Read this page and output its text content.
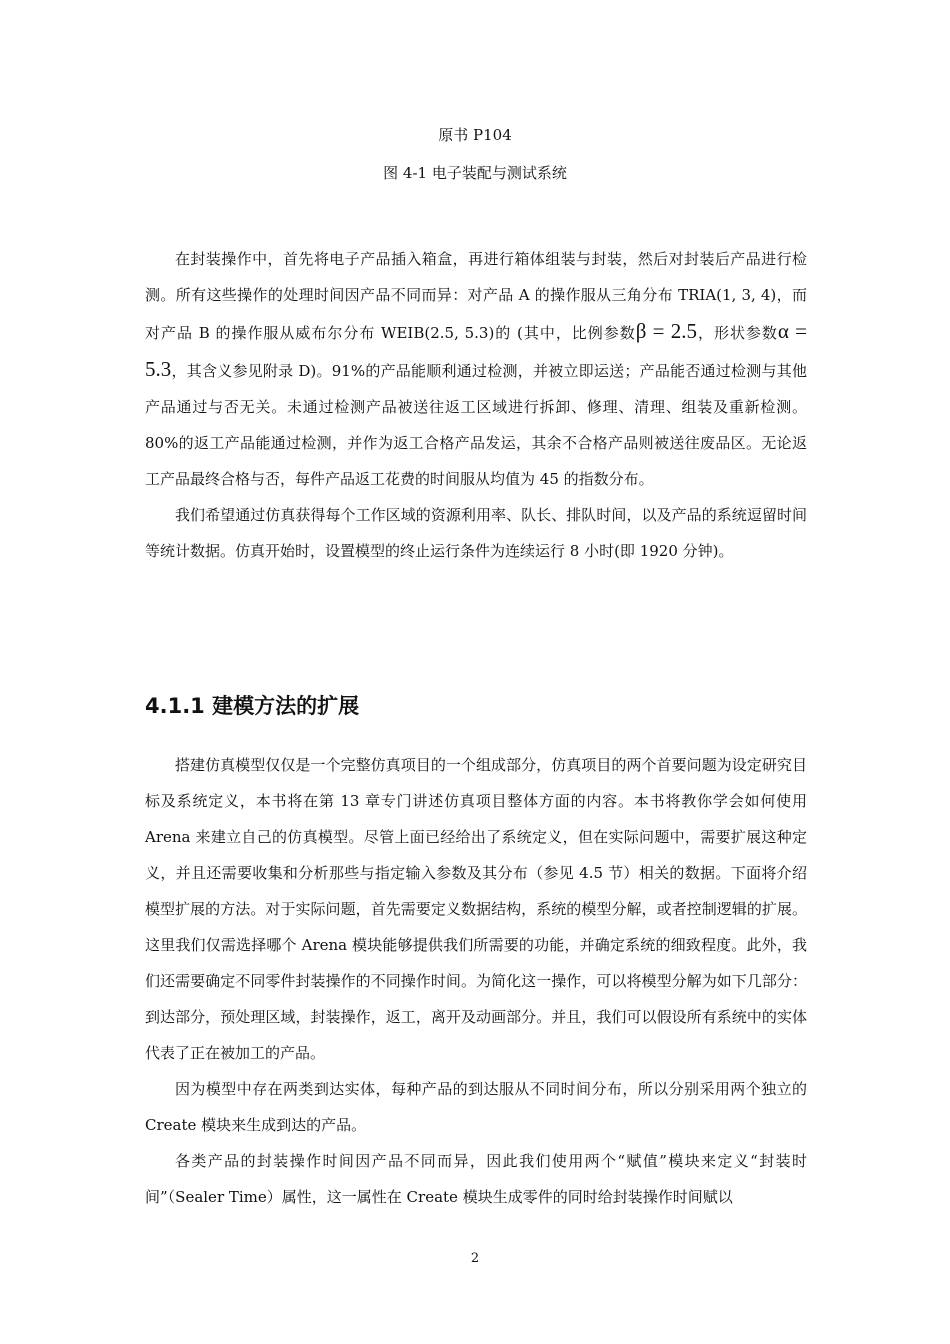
原书 P104
图 4-1 电子装配与测试系统

在封装操作中，首先将电子产品插入箱盒，再进行箱体组装与封装，然后对封装后产品进行检测。所有这些操作的处理时间因产品不同而异：对产品 A 的操作服从三角分布 TRIA(1, 3, 4)，而对产品 B 的操作服从威布尔分布 WEIB(2.5, 5.3)的 (其中，比例参数β = 2.5，形状参数α = 5.3，其含义参见附录 D)。91%的产品能顺利通过检测，并被立即运送；产品能否通过检测与其他产品通过与否无关。未通过检测产品被送往返工区域进行拆卸、修理、清理、组装及重新检测。80%的返工产品能通过检测，并作为返工合格产品发运，其余不合格产品则被送往废品区。无论返工产品最终合格与否，每件产品返工花费的时间服从均值为 45 的指数分布。

我们希望通过仿真获得每个工作区域的资源利用率、队长、排队时间，以及产品的系统逗留时间等统计数据。仿真开始时，设置模型的终止运行条件为连续运行 8 小时(即 1920 分钟)。

4.1.1 建模方法的扩展

搭建仿真模型仅仅是一个完整仿真项目的一个组成部分，仿真项目的两个首要问题为设定研究目标及系统定义，本书将在第 13 章专门讲述仿真项目整体方面的内容。本书将教你学会如何使用 Arena 来建立自己的仿真模型。尽管上面已经给出了系统定义，但在实际问题中，需要扩展这种定义，并且还需要收集和分析那些与指定输入参数及其分布（参见 4.5 节）相关的数据。下面将介绍模型扩展的方法。对于实际问题，首先需要定义数据结构，系统的模型分解，或者控制逻辑的扩展。这里我们仅需选择哪个 Arena 模块能够提供我们所需要的功能，并确定系统的细致程度。此外，我们还需要确定不同零件封装操作的不同操作时间。为简化这一操作，可以将模型分解为如下几部分：到达部分，预处理区域，封装操作，返工，离开及动画部分。并且，我们可以假设所有系统中的实体代表了正在被加工的产品。

因为模型中存在两类到达实体，每种产品的到达服从不同时间分布，所以分别采用两个独立的 Create 模块来生成到达的产品。

各类产品的封装操作时间因产品不同而异，因此我们使用两个“赋值”模块来定义“封装时间”（Sealer Time）属性，这一属性在 Create 模块生成零件的同时给封装操作时间赋以

2
